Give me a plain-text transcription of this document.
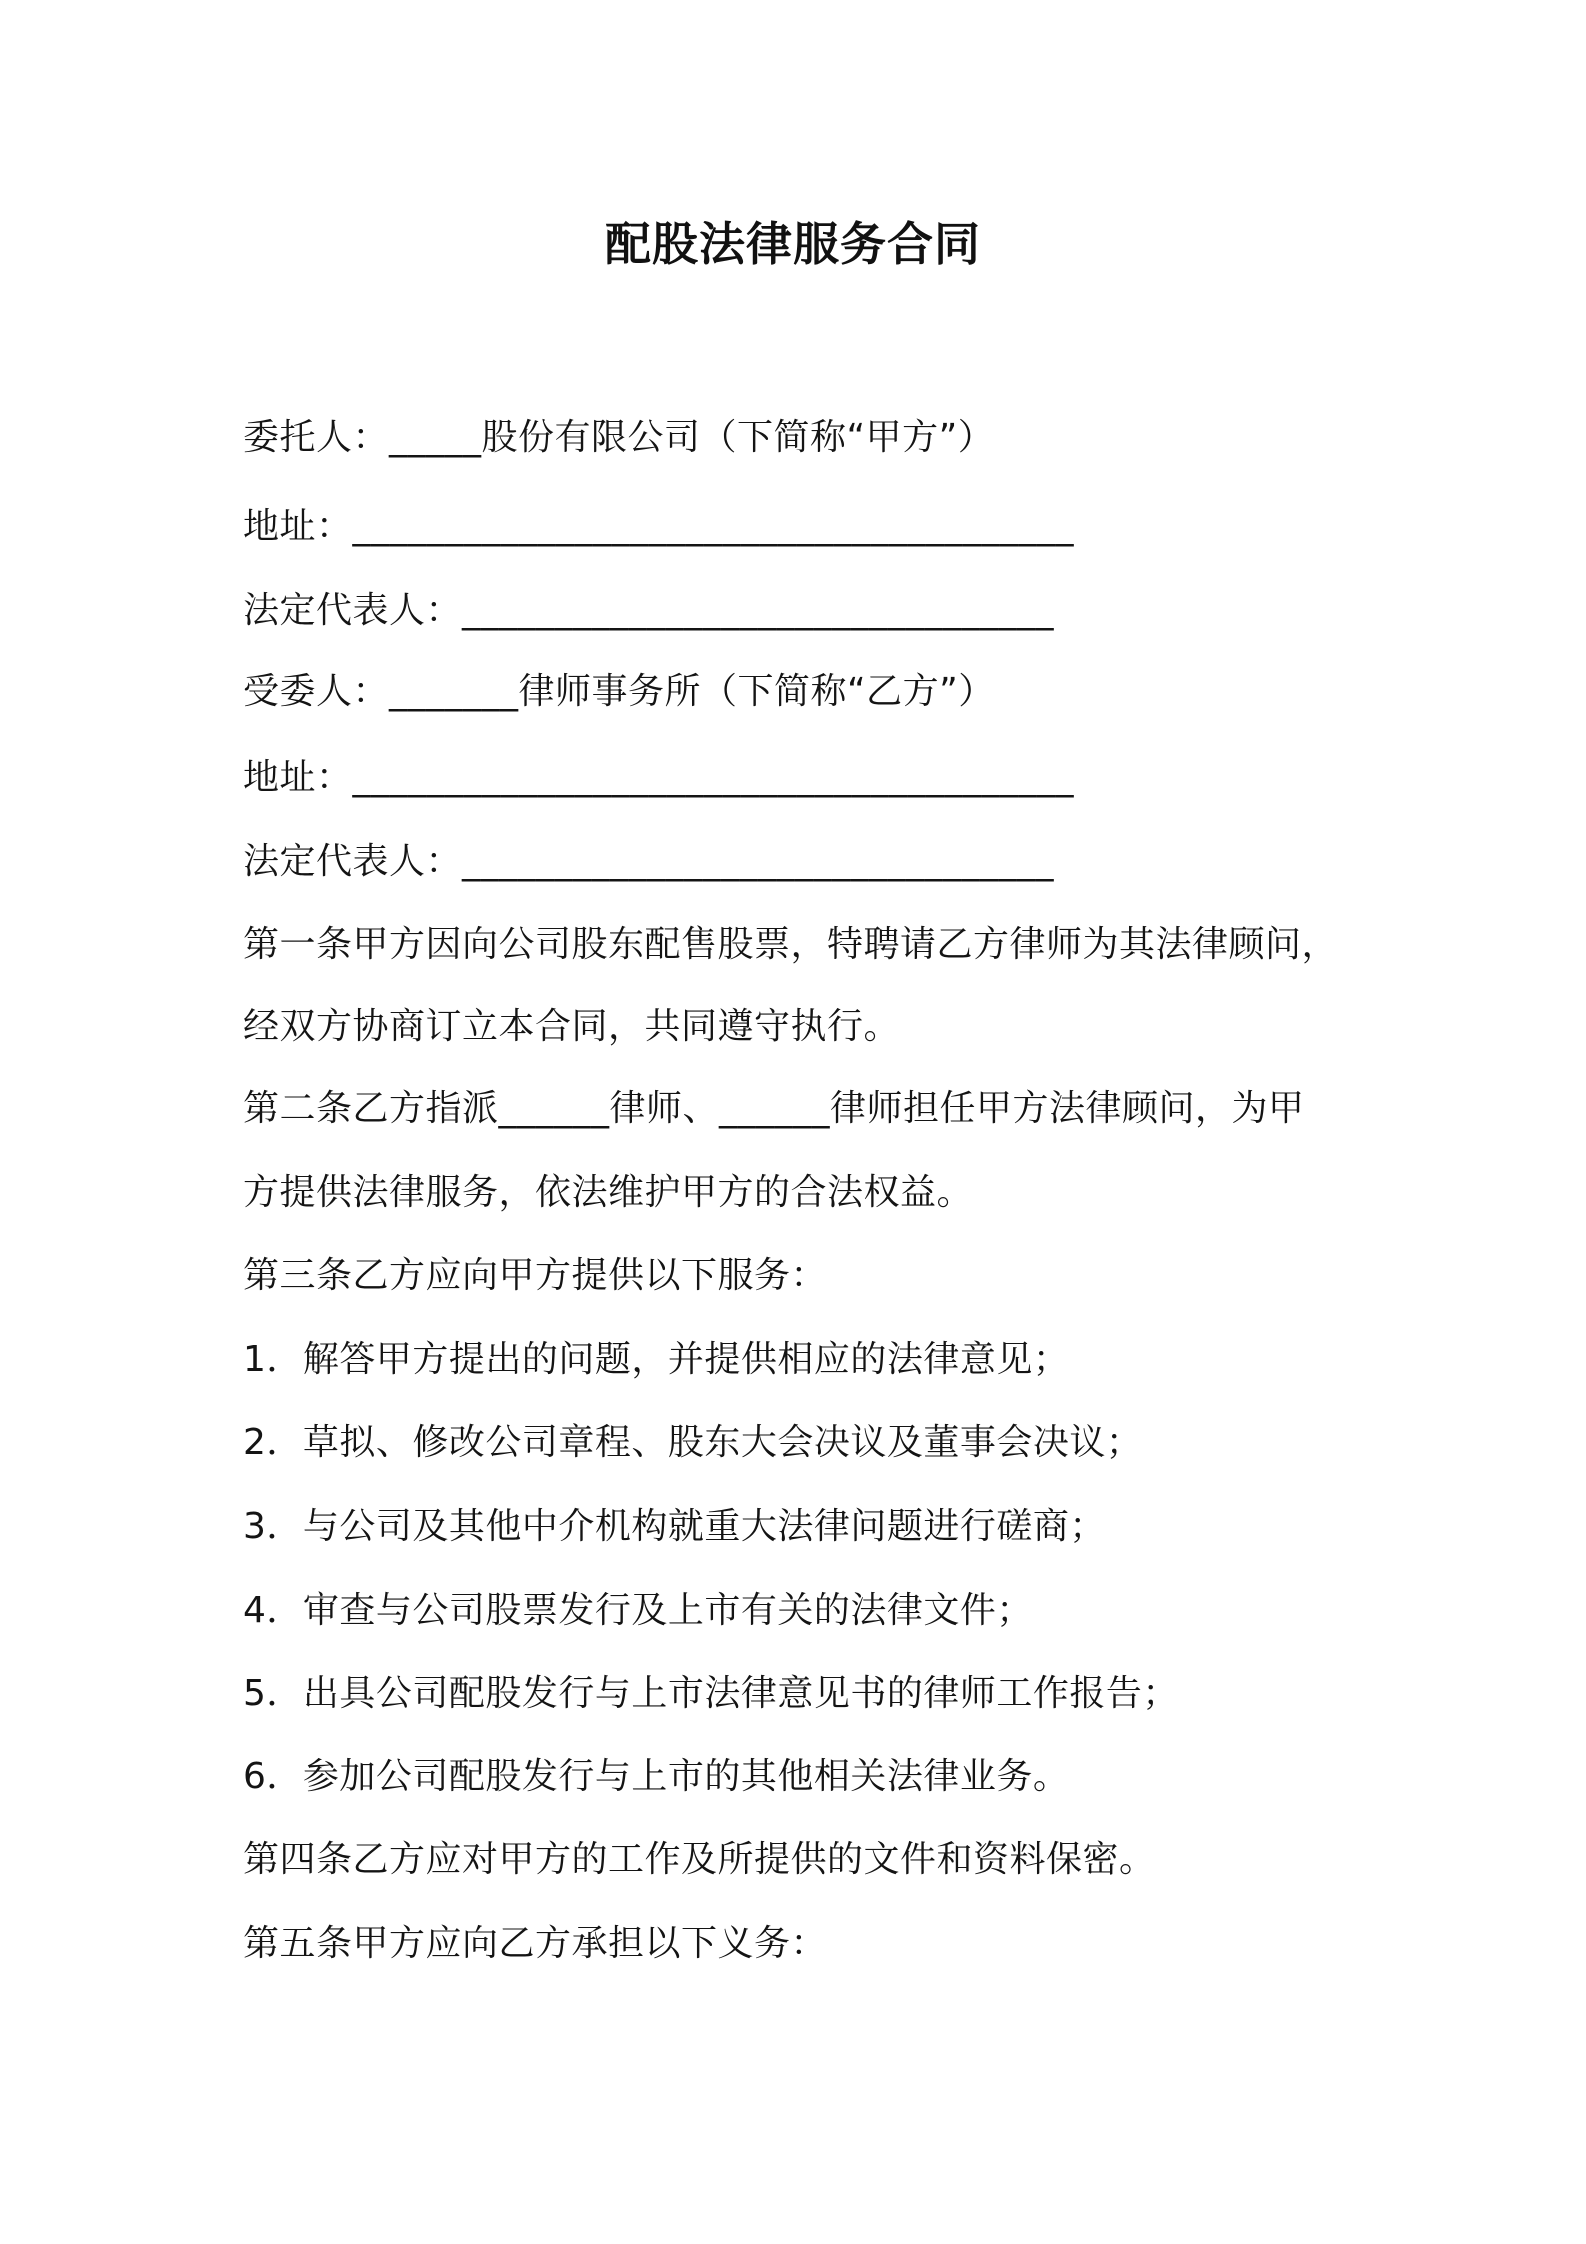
配股法律服务合同
委托人：_____股份有限公司（下简称“甲方”）
地址：_______________________________________
法定代表人：________________________________
受委人：_______律师事务所（下简称“乙方”）
地址：_______________________________________
法定代表人：________________________________
第一条甲方因向公司股东配售股票，特聘请乙方律师为其法律顾问，
经双方协商订立本合同，共同遵守执行。
第二条乙方指派______律师、______律师担任甲方法律顾问，为甲
方提供法律服务，依法维护甲方的合法权益。
第三条乙方应向甲方提供以下服务：
1．解答甲方提出的问题，并提供相应的法律意见；
2．草拟、修改公司章程、股东大会决议及董事会决议；
3．与公司及其他中介机构就重大法律问题进行磋商；
4．审查与公司股票发行及上市有关的法律文件；
5．出具公司配股发行与上市法律意见书的律师工作报告；
6．参加公司配股发行与上市的其他相关法律业务。
第四条乙方应对甲方的工作及所提供的文件和资料保密。
第五条甲方应向乙方承担以下义务：
